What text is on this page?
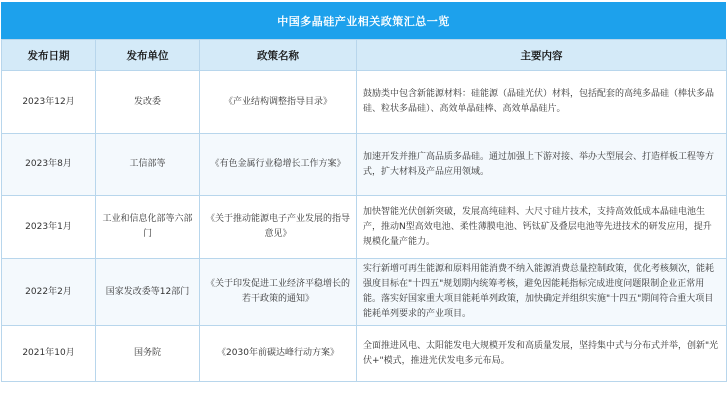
中国多晶硅产业相关政策汇总一览
发布日期	发布单位	政策名称	主要内容
2023年12月	发改委	《产业结构调整指导目录》	鼓励类中包含新能源材料：硅能源（晶硅光伏）材料，包括配套的高纯多晶硅（棒状多晶硅、粒状多晶硅）、高效单晶硅棒、高效单晶硅片。
2023年8月	工信部等	《有色金属行业稳增长工作方案》	加速开发并推广高品质多晶硅。通过加强上下游对接、举办大型展会、打造样板工程等方式，扩大材料及产品应用领域。
2023年1月	工业和信息化部等六部门	《关于推动能源电子产业发展的指导意见》	加快智能光伏创新突破，发展高纯硅料、大尺寸硅片技术，支持高效低成本晶硅电池生产，推动N型高效电池、柔性薄膜电池、钙钛矿及叠层电池等先进技术的研发应用，提升规模化量产能力。
2022年2月	国家发改委等12部门	《关于印发促进工业经济平稳增长的若干政策的通知》	实行新增可再生能源和原料用能消费不纳入能源消费总量控制政策，优化考核频次，能耗强度目标在"十四五"规划期内统筹考核，避免因能耗指标完成进度问题限制企业正常用能。落实好国家重大项目能耗单列政策，加快确定并组织实施"十四五"期间符合重大项目能耗单列要求的产业项目。
2021年10月	国务院	《2030年前碳达峰行动方案》	全面推进风电、太阳能发电大规模开发和高质量发展，坚持集中式与分布式并举，创新"光伏+"模式，推进光伏发电多元布局。
